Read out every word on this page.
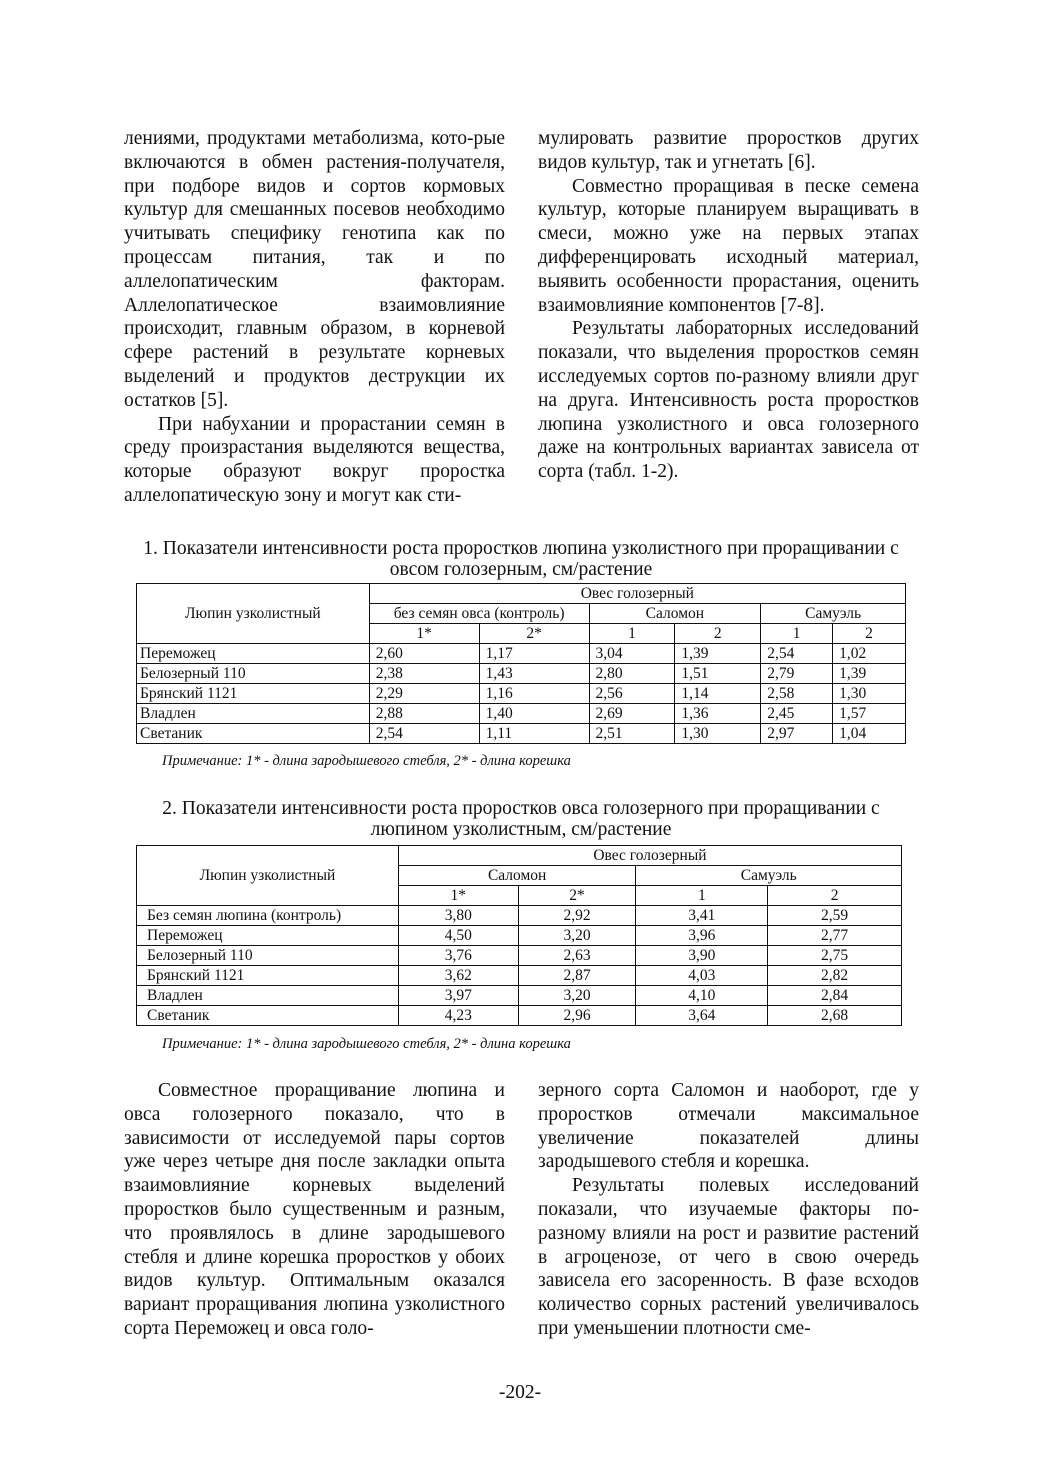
лениями, продуктами метаболизма, кото-рые включаются в обмен растения-получателя, при подборе видов и сортов кормовых культур для смешанных посевов необходимо учитывать специфику генотипа как по процессам питания, так и по аллелопатическим факторам. Аллелопатическое взаимовлияние происходит, главным образом, в корневой сфере растений в результате корневых выделений и продуктов деструкции их остатков [5].

При набухании и прорастании семян в среду произрастания выделяются вещества, которые образуют вокруг проростка аллелопатическую зону и могут как сти-

мулировать развитие проростков других видов культур, так и угнетать [6].

Совместно проращивая в песке семена культур, которые планируем выращивать в смеси, можно уже на первых этапах дифференцировать исходный материал, выявить особенности прорастания, оценить взаимовлияние компонентов [7-8].

Результаты лабораторных исследований показали, что выделения проростков семян исследуемых сортов по-разному влияли друг на друга. Интенсивность роста проростков люпина узколистного и овса голозерного даже на контрольных вариантах зависела от сорта (табл. 1-2).

1. Показатели интенсивности роста проростков люпина узколистного при проращивании с овсом голозерным, см/растение
Люпин узколистный	Овес голозерный					
	без семян овса (контроль)		Саломон		Самуэль	
	1*	2*	1	2	1	2
Переможец	2,60	1,17	3,04	1,39	2,54	1,02
Белозерный 110	2,38	1,43	2,80	1,51	2,79	1,39
Брянский 1121	2,29	1,16	2,56	1,14	2,58	1,30
Владлен	2,88	1,40	2,69	1,36	2,45	1,57
Светаник	2,54	1,11	2,51	1,30	2,97	1,04
Примечание: 1* - длина зародышевого стебля, 2* - длина корешка
2. Показатели интенсивности роста проростков овса голозерного при проращивании с люпином узколистным, см/растение
Люпин узколистный	Овес голозерный			
	Саломон		Самуэль	
	1*	2*	1	2
Без семян люпина (контроль)	3,80	2,92	3,41	2,59
Переможец	4,50	3,20	3,96	2,77
Белозерный 110	3,76	2,63	3,90	2,75
Брянский 1121	3,62	2,87	4,03	2,82
Владлен	3,97	3,20	4,10	2,84
Светаник	4,23	2,96	3,64	2,68
Примечание: 1* - длина зародышевого стебля, 2* - длина корешка

Совместное проращивание люпина и овса голозерного показало, что в зависимости от исследуемой пары сортов уже через четыре дня после закладки опыта взаимовлияние корневых выделений проростков было существенным и разным, что проявлялось в длине зародышевого стебля и длине корешка проростков у обоих видов культур. Оптимальным оказался вариант проращивания люпина узколистного сорта Переможец и овса голо-

зерного сорта Саломон и наоборот, где у проростков отмечали максимальное увеличение показателей длины зародышевого стебля и корешка.

Результаты полевых исследований показали, что изучаемые факторы по-разному влияли на рост и развитие растений в агроценозе, от чего в свою очередь зависела его засоренность. В фазе всходов количество сорных растений увеличивалось при уменьшении плотности сме-

-202-
